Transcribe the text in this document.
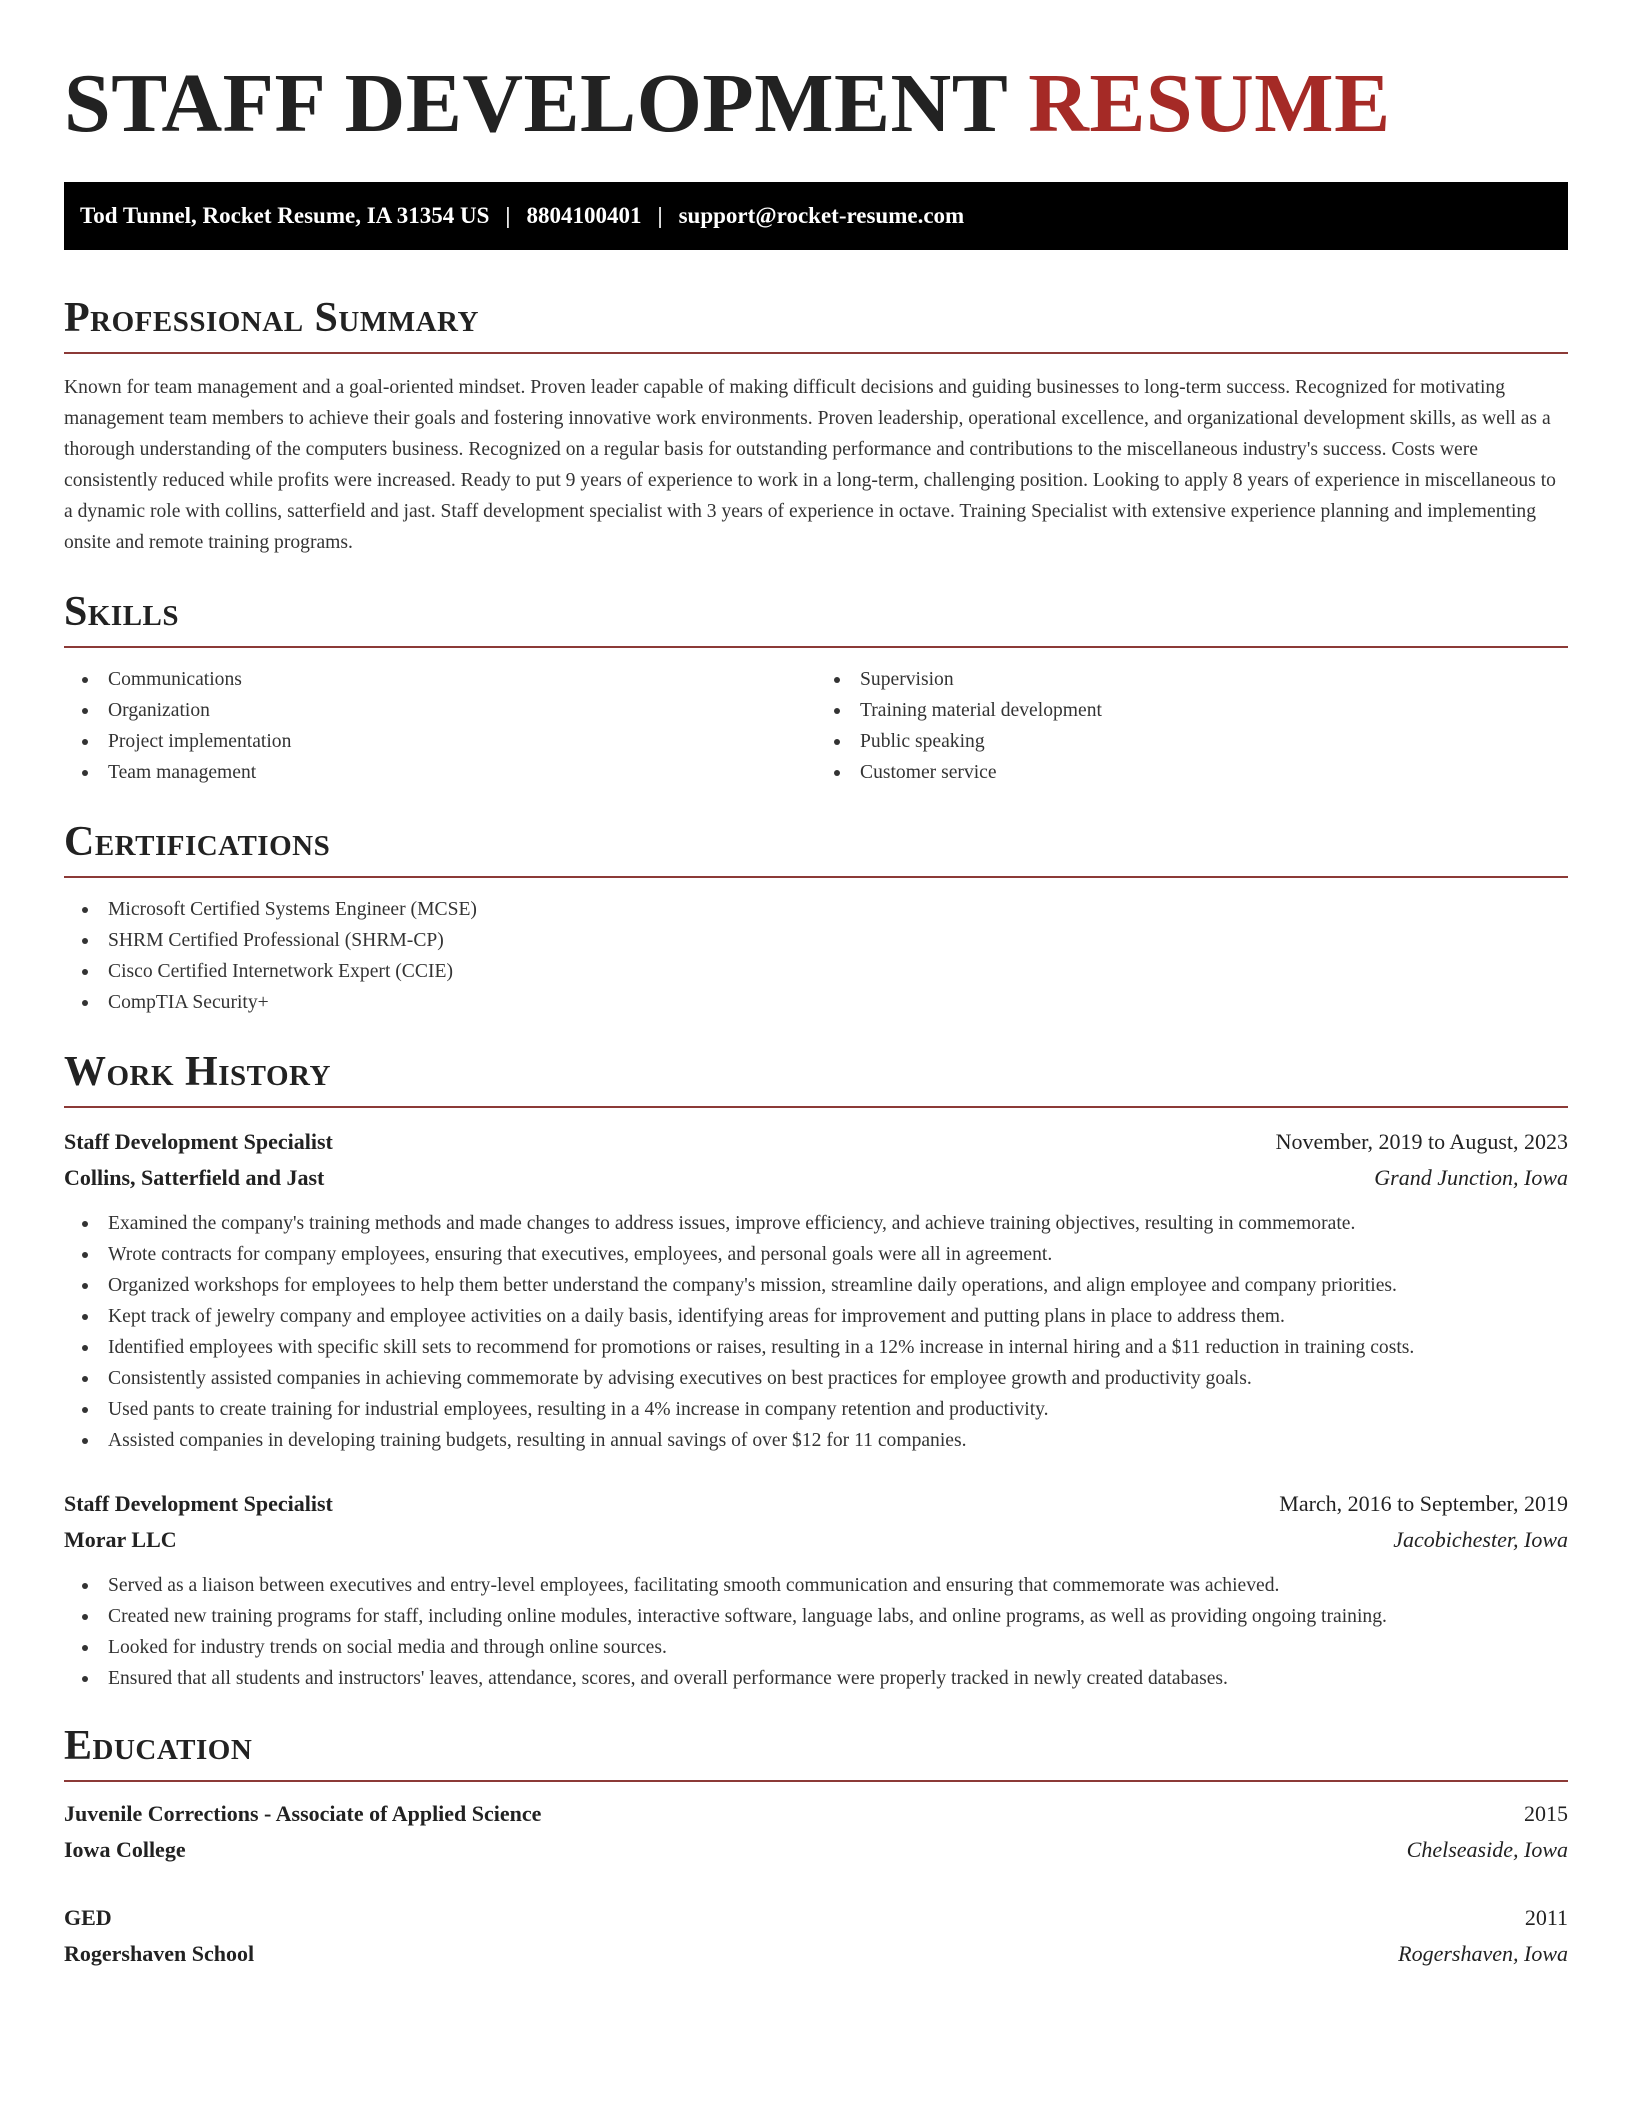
STAFF DEVELOPMENT RESUME
Tod Tunnel, Rocket Resume, IA 31354 US | 8804100401 | support@rocket-resume.com
Professional Summary

Known for team management and a goal-oriented mindset. Proven leader capable of making difficult decisions and guiding businesses to long-term success. Recognized for motivating management team members to achieve their goals and fostering innovative work environments. Proven leadership, operational excellence, and organizational development skills, as well as a thorough understanding of the computers business. Recognized on a regular basis for outstanding performance and contributions to the miscellaneous industry's success. Costs were consistently reduced while profits were increased. Ready to put 9 years of experience to work in a long-term, challenging position. Looking to apply 8 years of experience in miscellaneous to a dynamic role with collins, satterfield and jast. Staff development specialist with 3 years of experience in octave. Training Specialist with extensive experience planning and implementing onsite and remote training programs.

Skills
Communications
Organization
Project implementation
Team management
Supervision
Training material development
Public speaking
Customer service
Certifications
Microsoft Certified Systems Engineer (MCSE)
SHRM Certified Professional (SHRM-CP)
Cisco Certified Internetwork Expert (CCIE)
CompTIA Security+
Work History
Staff Development Specialist	November, 2019 to August, 2023
Collins, Satterfield and Jast	Grand Junction, Iowa
Examined the company's training methods and made changes to address issues, improve efficiency, and achieve training objectives, resulting in commemorate.
Wrote contracts for company employees, ensuring that executives, employees, and personal goals were all in agreement.
Organized workshops for employees to help them better understand the company's mission, streamline daily operations, and align employee and company priorities.
Kept track of jewelry company and employee activities on a daily basis, identifying areas for improvement and putting plans in place to address them.
Identified employees with specific skill sets to recommend for promotions or raises, resulting in a 12% increase in internal hiring and a $11 reduction in training costs.
Consistently assisted companies in achieving commemorate by advising executives on best practices for employee growth and productivity goals.
Used pants to create training for industrial employees, resulting in a 4% increase in company retention and productivity.
Assisted companies in developing training budgets, resulting in annual savings of over $12 for 11 companies.
Staff Development Specialist	March, 2016 to September, 2019
Morar LLC	Jacobichester, Iowa
Served as a liaison between executives and entry-level employees, facilitating smooth communication and ensuring that commemorate was achieved.
Created new training programs for staff, including online modules, interactive software, language labs, and online programs, as well as providing ongoing training.
Looked for industry trends on social media and through online sources.
Ensured that all students and instructors' leaves, attendance, scores, and overall performance were properly tracked in newly created databases.
Education
Juvenile Corrections - Associate of Applied Science	2015
Iowa College	Chelseaside, Iowa
GED	2011
Rogershaven School	Rogershaven, Iowa
